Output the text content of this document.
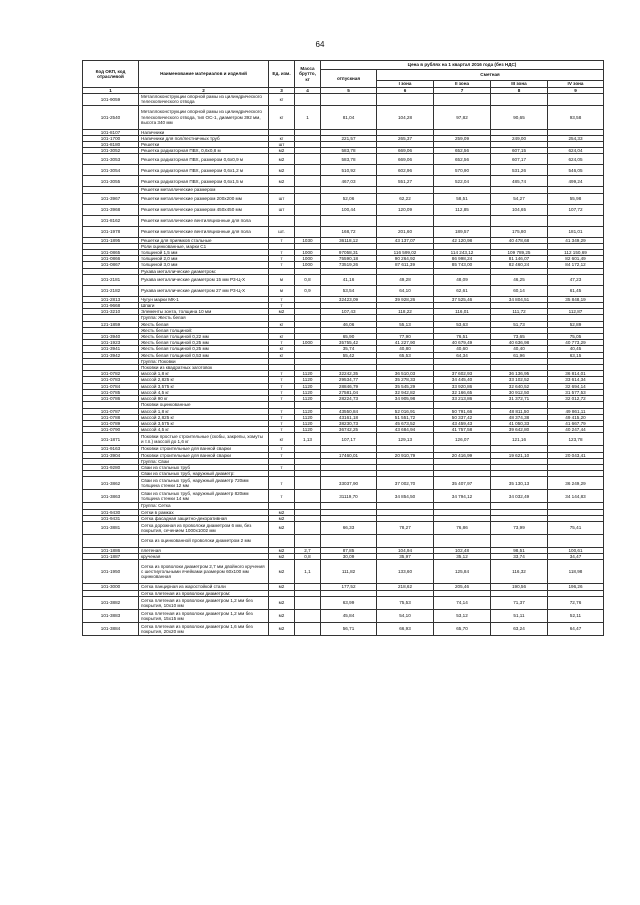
64
Код ОКП, код отраслевой	Наименование материалов и изделий	Ед. изм.	Масса брутто, кг	Цена в рублях на 1 квартал 2016 года (без НДС)				
				отпускная	Сметная			
					I зона	II зона	III зона	IV зона
1	2	3	4	5	6	7	8	9
101-9059	Металлоконструкции опорной рамы из цилиндрического телескопического отвода	кг						
101-2540	Металлоконструкции опорной рамы из цилиндрического телескопического отвода, тип ОС-1, диаметром 392 мм, высота 340 мм	кг	1	81,04	104,28	97,82	90,65	93,58
101-8107	Наличники							
101-1700	Наличники для пол/лестничных труб	кг		221,57	265,37	259,09	249,00	254,33
101-8180	Решетки	шт						
101-3052	Решетка радиаторная ПВХ, 0,6х0,8 м	м2		583,78	669,06	652,56	607,15	624,04
101-3053	Решетка радиаторная ПВХ, размером 0,6х0,9 м	м2		583,78	669,06	652,56	607,17	624,05
101-3054	Решетка радиаторная ПВХ, размером 0,6х1,2 м	м2		510,92	602,96	570,90	531,26	546,05
101-3055	Решетка радиаторная ПВХ, размером 0,6х1,5 м	м2		467,03	551,27	522,04	485,74	499,24
	Решетки металлические размером							
101-3967	Решетки металлические размером 200х200 мм	шт		52,06	62,22	58,51	54,27	55,98
101-3968	Решетки металлические размером 450х450 мм	шт		100,44	120,09	112,85	104,65	107,72
101-8162	Решетки металлические вентиляционные для пола							
101-1978	Решетки металлические вентиляционные для пола	шт.		168,72	201,60	189,57	175,80	181,01
101-1895	Решетки для приямков стальные	т	1030	36118,12	43 137,07	42 120,98	40 478,68	41 349,29
	Роли оцинкованные, марки С1							
101-0865	толщиной 1,5 мм	т	1000	97058,31	116 599,02	114 243,12	109 789,25	112 150,69
101-0866	толщиной 2,0 мм	т	1000	75590,18	90 264,92	86 998,24	81 146,07	82 601,49
101-0867	толщиной 3,0 мм	т	1000	73519,26	87 611,39	85 743,00	82 460,24	84 172,12
	Рукава металлические диаметром:							
101-2181	Рукава металлические диаметром 15 мм Р3-Ц-Х	м	0,8	41,16	49,28	48,09	46,25	47,23
101-2182	Рукава металлические диаметром 27 мм Р3-Ц-Х	м	0,9	53,54	64,10	62,61	60,14	61,45
101-2813	Чугун марки МК-1	т		32423,09	39 928,26	37 525,46	34 804,51	35 848,19
101-9668	Шпаги	т						
101-3210	Элементы зонта, толщина 10 мм	м2		107,43	118,22	116,01	111,72	112,87
	Группа: Жесть белая							
121-1859	Жесть белая	кг		46,06	55,13	53,63	51,73	52,89
	Жесть белая толщиной:							
101-3940	Жесть белая толщиной 0,22 мм	кг		65,90	77,90	76,51	73,65	75,05
101-1923	Жесть белая толщиной 0,25 мм	т	1000	35755,42	41 227,90	40 679,49	40 636,98	40 773,29
101-3941	Жесть белая толщиной 0,25 мм	кг		35,74	40,80	40,60	40,40	40,45
101-3942	Жесть белая толщиной 0,53 мм	кг		55,42	65,53	64,34	61,96	63,15
	Группа: Поковки							
	Поковки из квадратных заготовок							
101-0782	массой 1,8 кг	т	1120	32242,35	36 510,03	37 602,93	36 136,95	36 814,01
101-0783	массой 2,825 кг	т	1120	29534,77	35 278,33	34 445,40	33 102,52	33 614,34
101-0784	массой 3,575 кг	т	1120	28846,79	35 545,29	33 920,86	32 640,52	32 694,14
101-0785	массой 4,5 кг	т	1120	27581,04	32 942,82	32 166,65	30 912,50	31 577,53
101-0786	массой 90 кг	т	1120	28224,73	34 905,98	33 213,86	31 372,71	32 012,72
	Поковки оцинкованные							
101-0787	массой 1,8 кг	т	1120	43550,84	52 016,91	50 791,66	48 811,50	49 861,11
101-0788	массой 2,825 кг	т	1120	43161,18	51 551,72	50 337,42	48 374,38	49 415,20
101-0789	массой 3,575 кг	т	1120	38230,73	45 673,52	43 459,43	41 050,33	41 667,79
101-0790	массой 4,5 кг	т	1120	36742,25	43 684,94	41 757,58	39 642,80	40 247,44
101-1871	Поковки простые строительные (скобы, закрепы, хомуты и т.п.) массой до 1,6 кг	кг	1,13	107,17	129,13	126,07	121,16	123,78
101-9163	Поковки строительные для ванной сварки	т						
101-3904	Поковки строительные для ванной сварки	т		17460,01	20 910,79	20 416,99	19 621,10	20 043,41
	Группа: Сваи							
101-9280	Сваи из стальных труб	т						
	Сваи из стальных труб, наружный диаметр:							
101-3862	Сваи из стальных труб, наружный диаметр 720мм толщина стенки 12 мм	т		33037,90	37 002,70	35 407,97	35 130,13	36 249,29
101-3863	Сваи из стальных труб, наружный диаметр 820мм толщина стенки 14 мм	т		31119,70	34 854,50	34 794,12	34 032,49	34 144,83
	Группа: Сетка							
101-9430	Сетки в рамках	м2						
101-9431	Сетка фасадная защитно-декоративная	м2						
101-3881	Сетка дорожная из проволоки диаметром 6 мм, без покрытия, сечением 1000х1002 мм	м2		66,33	78,27	76,86	73,99	75,41
	Сетка из оцинкованной проволоки диаметром 2 мм							
101-1886	плетеная	м2	2,7	87,85	104,94	102,48	98,51	100,61
101-1887	крученая	м2	0,8	30,09	35,97	35,12	33,74	34,47
101-1950	Сетка из проволоки диаметром 2,7 мм двойного кручения с шестиугольными ячейками размером 60х100 мм оцинкованная	м2	1,1	111,82	133,60	125,84	116,32	118,98
101-3000	Сетка панцирная из жаростойкой стали	м2		177,52	218,62	205,46	190,56	196,26
	Сетка плетеная из проволоки диаметром:							
101-3882	Сетка плетеная из проволоки диаметром 1,2 мм без покрытия, 10х10 мм	м2		63,99	75,53	74,14	71,37	72,76
101-3883	Сетка плетеная из проволоки диаметром 1,2 мм без покрытия, 15х15 мм	м2		45,84	54,10	53,12	51,11	52,11
101-3884	Сетка плетеная из проволоки диаметром 1,6 мм без покрытия, 20х20 мм	м2		56,71	66,93	65,70	63,24	64,47
